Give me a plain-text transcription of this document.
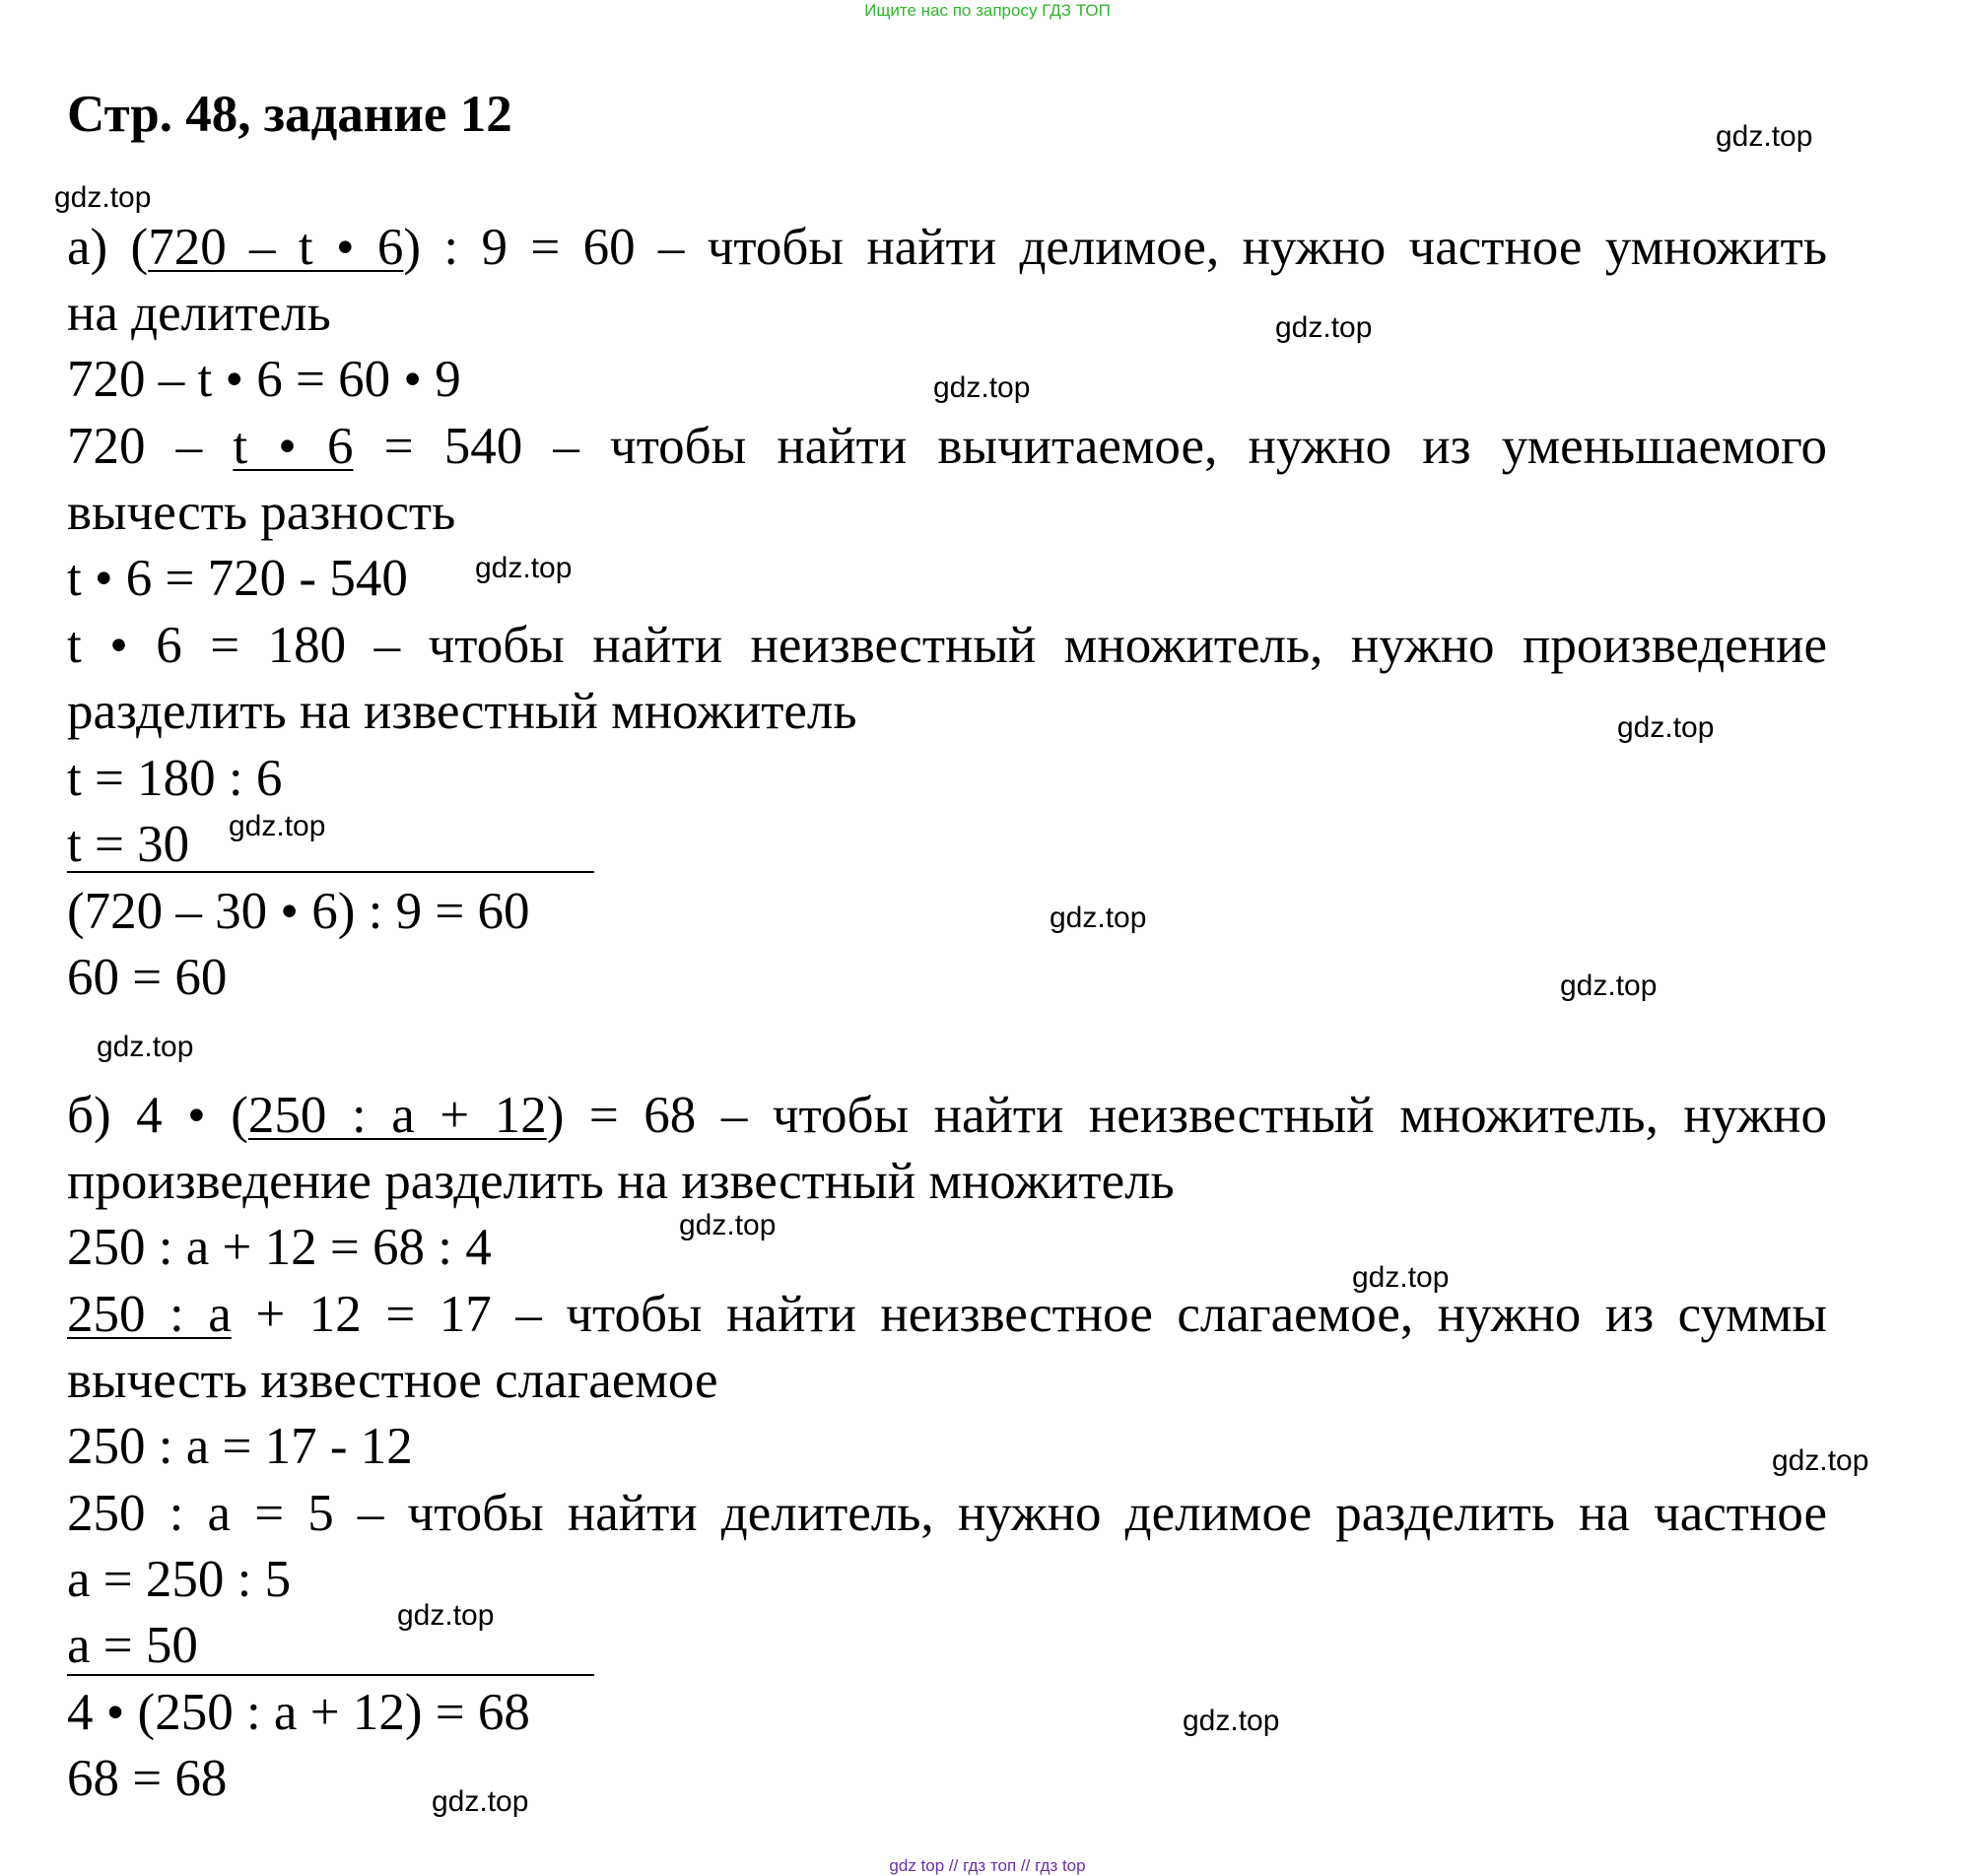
Ищите нас по запросу ГДЗ ТОП
Стр. 48, задание 12	gdz.top
gdz.top
gdz.top
gdz.top
gdz.top
gdz.top
gdz.top
gdz.top
gdz.top
gdz.top
gdz.top
gdz.top
gdz.top
gdz.top
gdz.top
gdz.top
а) (720 – t • 6) : 9 = 60 – чтобы найти делимое, нужно частное умножить
на делитель
720 – t • 6 = 60 • 9
720 – t • 6 = 540 – чтобы найти вычитаемое, нужно из уменьшаемого
вычесть разность
t • 6 = 720 - 540
t • 6 = 180 – чтобы найти неизвестный множитель, нужно произведение
разделить на известный множитель
t = 180 : 6
t = 30
(720 – 30 • 6) : 9 = 60
60 = 60
б) 4 • (250 : a + 12) = 68 – чтобы найти неизвестный множитель, нужно
произведение разделить на известный множитель
250 : a + 12 = 68 : 4
250 : a + 12 = 17 – чтобы найти неизвестное слагаемое, нужно из суммы
вычесть известное слагаемое
250 : a = 17 - 12
250 : a = 5 – чтобы найти делитель, нужно делимое разделить на частное
a = 250 : 5
a = 50
4 • (250 : a + 12) = 68
68 = 68
gdz top // гдз топ // гдз top
